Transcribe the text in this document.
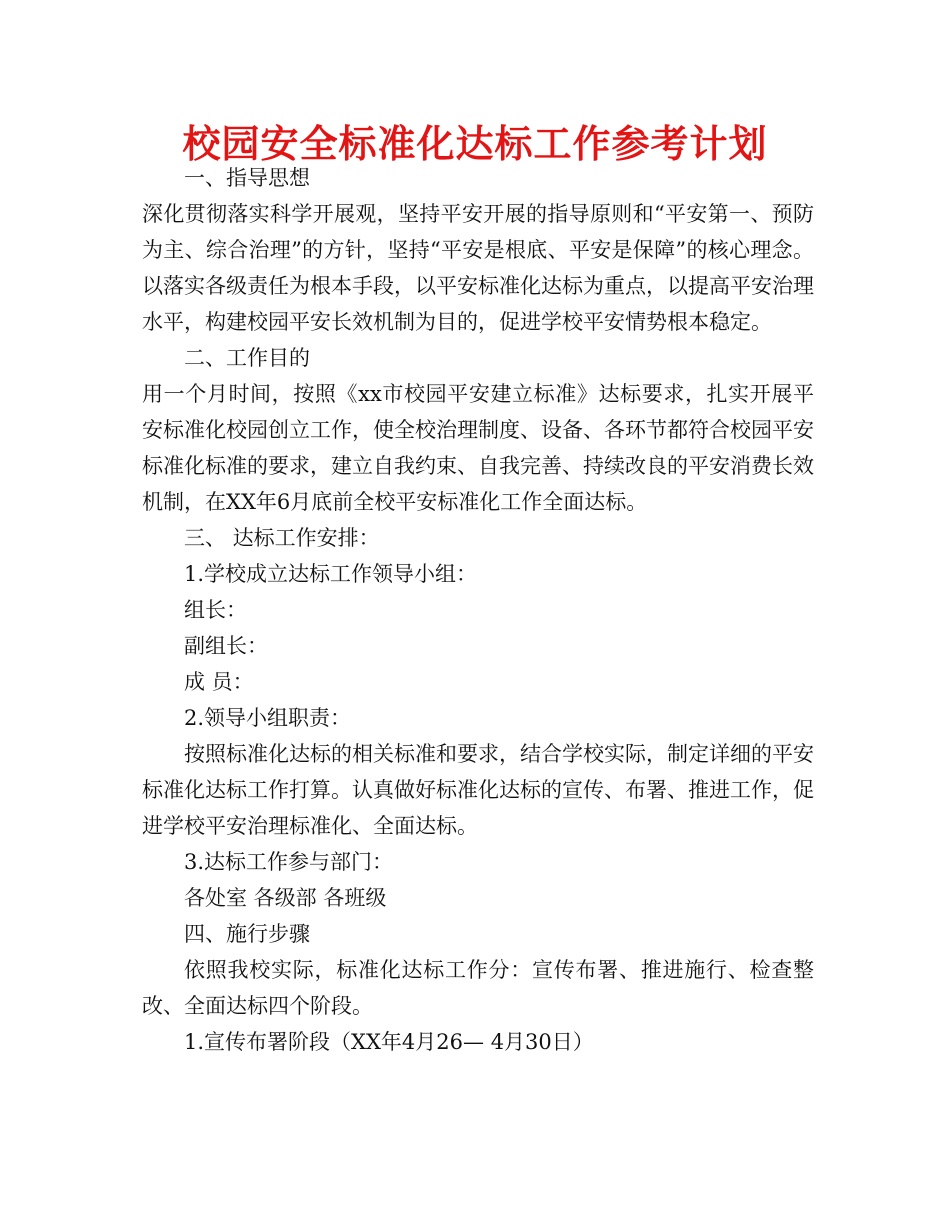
校园安全标准化达标工作参考计划

一、指导思想

深化贯彻落实科学开展观，坚持平安开展的指导原则和“平安第一、预防为主、综合治理”的方针，坚持“平安是根底、平安是保障”的核心理念。以落实各级责任为根本手段，以平安标准化达标为重点，以提高平安治理水平，构建校园平安长效机制为目的，促进学校平安情势根本稳定。

二、工作目的

用一个月时间，按照《xx市校园平安建立标准》达标要求，扎实开展平安标准化校园创立工作，使全校治理制度、设备、各环节都符合校园平安标准化标准的要求，建立自我约束、自我完善、持续改良的平安消费长效机制，在XX年6月底前全校平安标准化工作全面达标。

三、 达标工作安排：

1.学校成立达标工作领导小组：

组长：

副组长：

成 员：

2.领导小组职责：

按照标准化达标的相关标准和要求，结合学校实际，制定详细的平安标准化达标工作打算。认真做好标准化达标的宣传、布署、推进工作，促进学校平安治理标准化、全面达标。

3.达标工作参与部门：

各处室 各级部 各班级

四、施行步骤

依照我校实际，标准化达标工作分：宣传布署、推进施行、检查整改、全面达标四个阶段。

1.宣传布署阶段（XX年4月26— 4月30日）
